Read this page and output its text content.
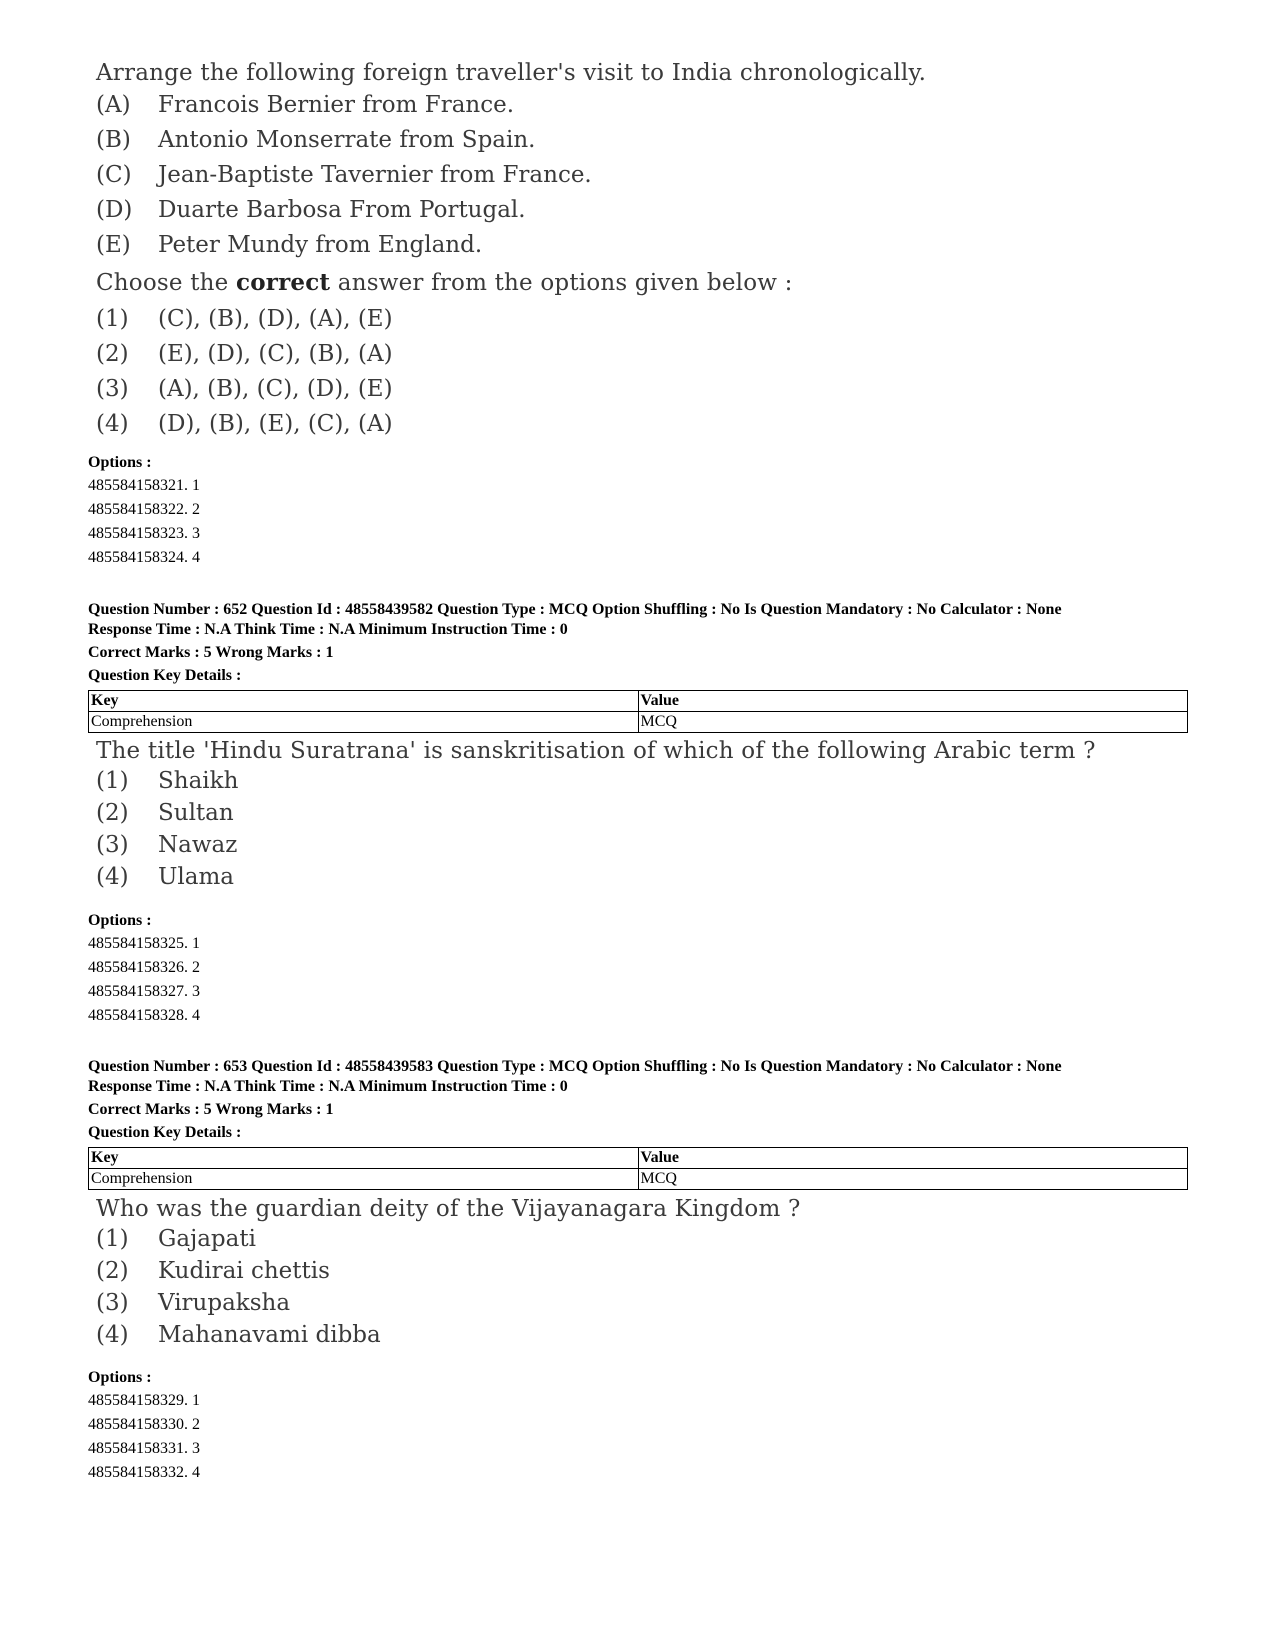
Arrange the following foreign traveller's visit to India chronologically.

(A)	Francois Bernier from France.
(B)	Antonio Monserrate from Spain.
(C)	Jean-Baptiste Tavernier from France.
(D)	Duarte Barbosa From Portugal.
(E)	Peter Mundy from England.

Choose the correct answer from the options given below :

(1)	(C), (B), (D), (A), (E)
(2)	(E), (D), (C), (B), (A)
(3)	(A), (B), (C), (D), (E)
(4)	(D), (B), (E), (C), (A)
Options :
485584158321. 1
485584158322. 2
485584158323. 3
485584158324. 4
Question Number : 652 Question Id : 48558439582 Question Type : MCQ Option Shuffling : No Is Question Mandatory : No Calculator : None
Response Time : N.A Think Time : N.A Minimum Instruction Time : 0
Correct Marks : 5 Wrong Marks : 1
Question Key Details :
Key	Value
Comprehension	MCQ

The title 'Hindu Suratrana' is sanskritisation of which of the following Arabic term ?

(1)	Shaikh
(2)	Sultan
(3)	Nawaz
(4)	Ulama
Options :
485584158325. 1
485584158326. 2
485584158327. 3
485584158328. 4
Question Number : 653 Question Id : 48558439583 Question Type : MCQ Option Shuffling : No Is Question Mandatory : No Calculator : None
Response Time : N.A Think Time : N.A Minimum Instruction Time : 0
Correct Marks : 5 Wrong Marks : 1
Question Key Details :
Key	Value
Comprehension	MCQ

Who was the guardian deity of the Vijayanagara Kingdom ?

(1)	Gajapati
(2)	Kudirai chettis
(3)	Virupaksha
(4)	Mahanavami dibba
Options :
485584158329. 1
485584158330. 2
485584158331. 3
485584158332. 4
